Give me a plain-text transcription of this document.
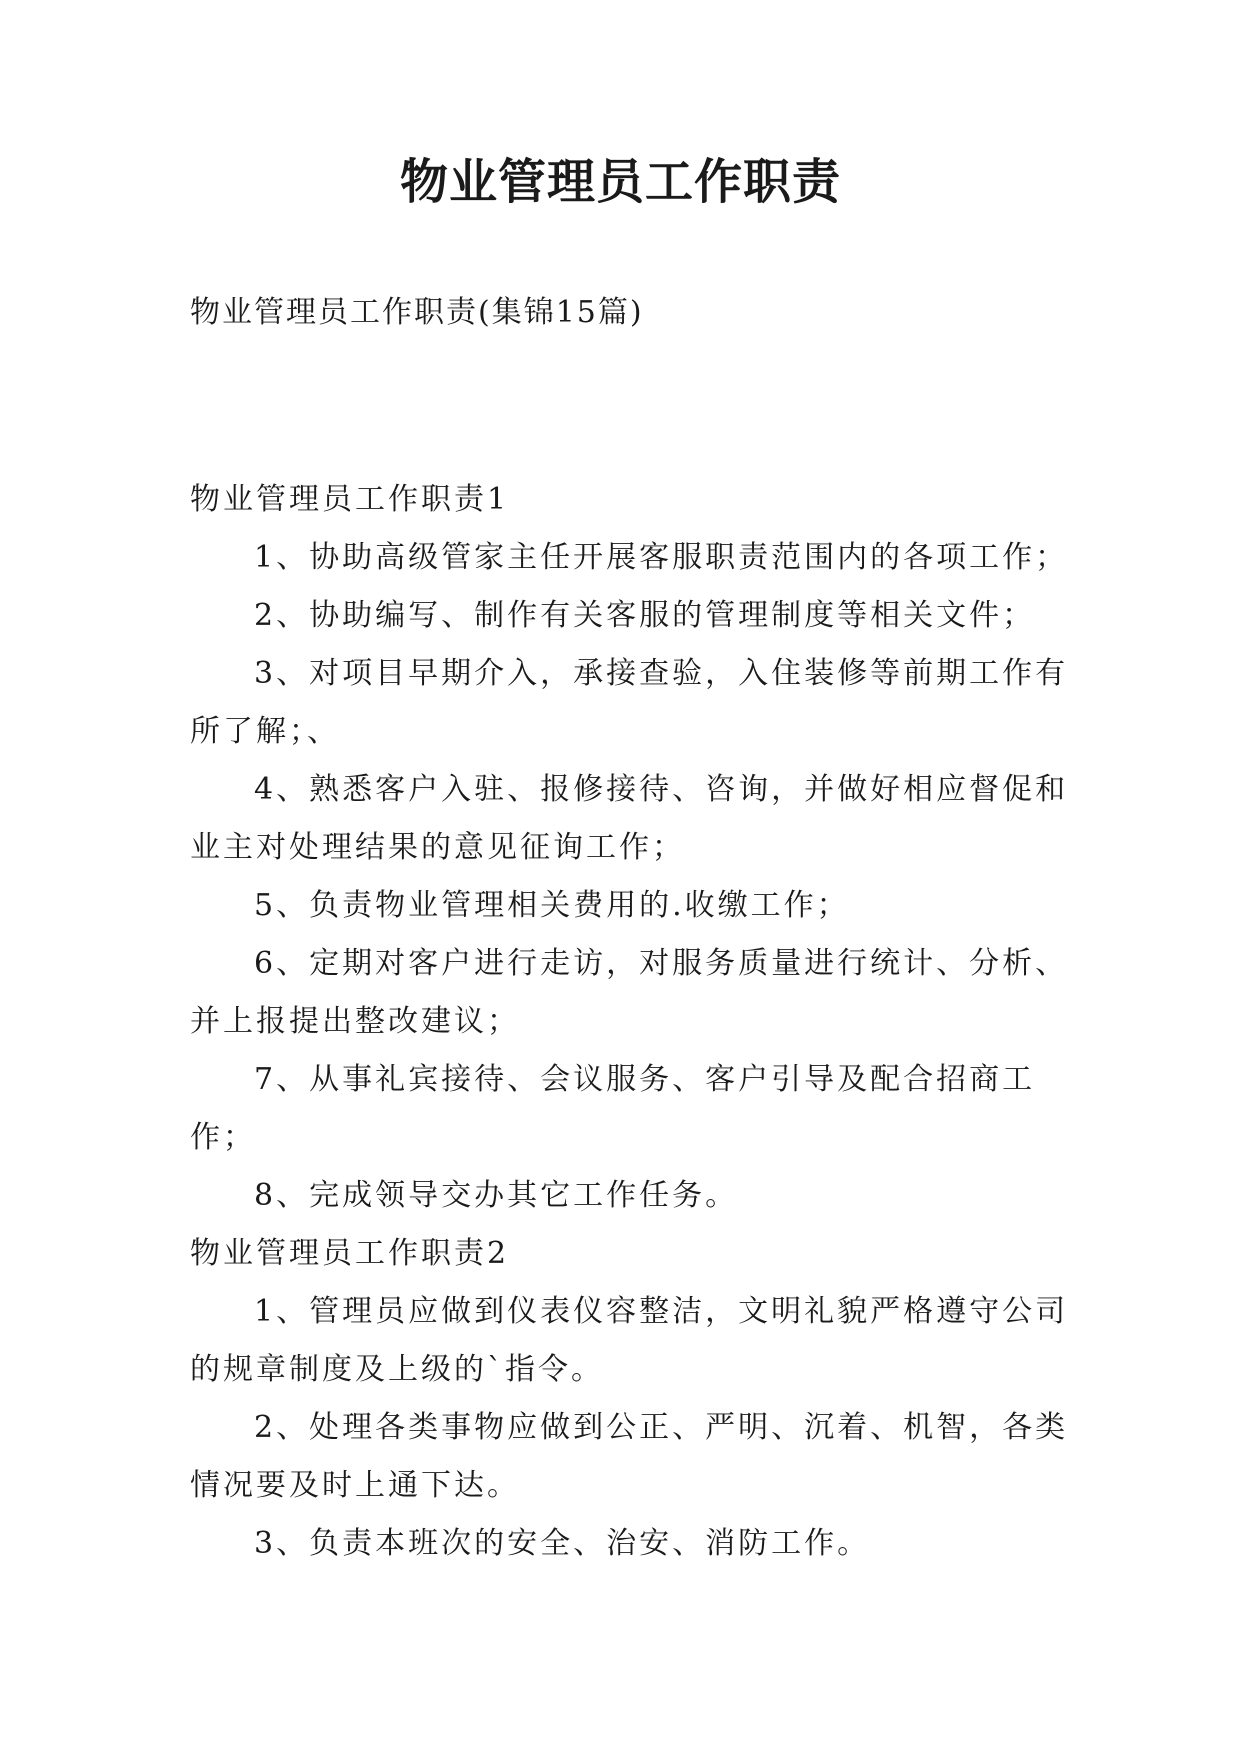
物业管理员工作职责
物业管理员工作职责(集锦15篇)

物业管理员工作职责1

1、协助高级管家主任开展客服职责范围内的各项工作；

2、协助编写、制作有关客服的管理制度等相关文件；

3、对项目早期介入，承接查验，入住装修等前期工作有所了解；、

4、熟悉客户入驻、报修接待、咨询，并做好相应督促和业主对处理结果的意见征询工作；

5、负责物业管理相关费用的.收缴工作；

6、定期对客户进行走访，对服务质量进行统计、分析、并上报提出整改建议；

7、从事礼宾接待、会议服务、客户引导及配合招商工作；

8、完成领导交办其它工作任务。

物业管理员工作职责2

1、管理员应做到仪表仪容整洁，文明礼貌严格遵守公司的规章制度及上级的`指令。

2、处理各类事物应做到公正、严明、沉着、机智，各类情况要及时上通下达。

3、负责本班次的安全、治安、消防工作。
